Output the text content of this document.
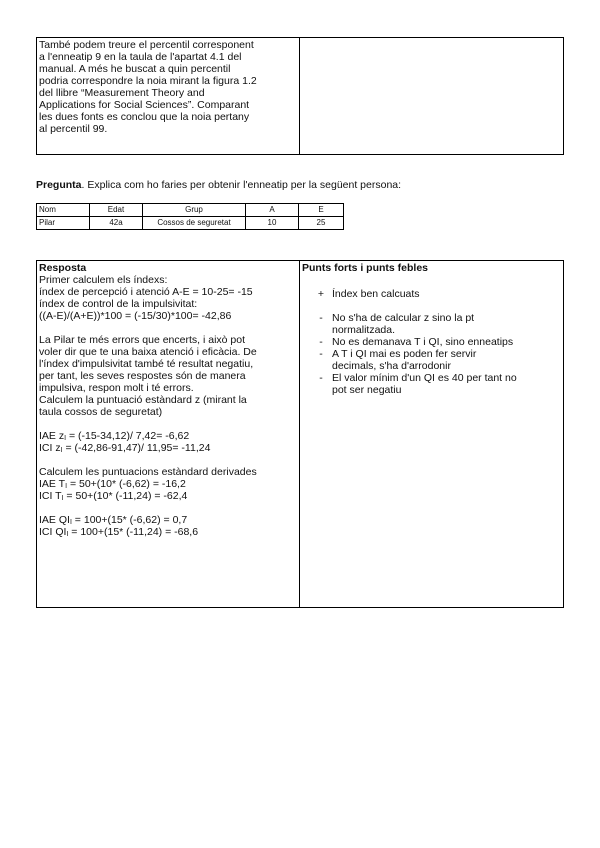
També podem treure el percentil corresponent
a l'enneatip 9 en la taula de l'apartat 4.1 del
manual. A més he buscat a quin percentil
podria correspondre la noia mirant la figura 1.2
del llibre “Measurement Theory and
Applications for Social Sciences”. Comparant
les dues fonts es conclou que la noia pertany
al percentil 99.

Pregunta. Explica com ho faries per obtenir l'enneatip per la següent persona:
Nom	Edat	Grup	A	E
Pilar	42a	Cossos de seguretat	10	25
Resposta
Primer calculem els índexs:
índex de percepció i atenció A-E = 10-25= -15
índex de control de la impulsivitat:
((A-E)/(A+E))*100 = (-15/30)*100= -42,86
La Pilar te més errors que encerts, i això pot
voler dir que te una baixa atenció i eficàcia. De
l'índex d'impulsivitat també té resultat negatiu,
per tant, les seves respostes són de manera
impulsiva, respon molt i té errors.
Calculem la puntuació estàndard z (mirant la
taula cossos de seguretat)
IAE $z_I = (-15-34,12)/$ 7,42= -6,62
ICI $z_I = (-42,86-91,47)/$ 11,95= -11,24
Calculem les puntuacions estàndard derivades
IAE $T_I = 50+(10*$ (-6,62) = -16,2
ICI $T_I = 50+(10*$ (-11,24) = -62,4
IAE $QI_I = 100+(15*$ (-6,62) = 0,7
ICI $QI_I = 100+(15*$ (-11,24) = -68,6

Punts forts i punts febles
+ Índex ben calcuats
- No s'ha de calcular z sino la pt
normalitzada.
- No es demanava T i QI, sino enneatips
- A T i QI mai es poden fer servir
decimals, s'ha d'arrodonir
- El valor mínim d'un QI es 40 per tant no
pot ser negatiu
